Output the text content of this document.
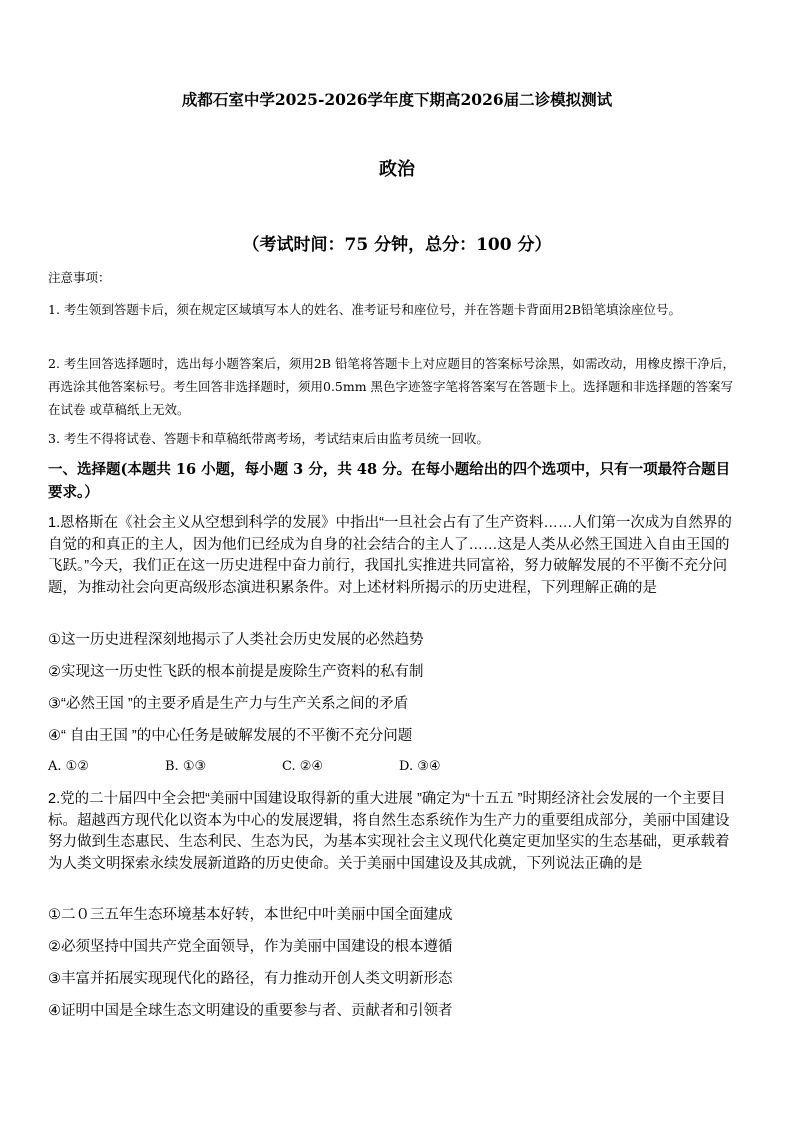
成都石室中学2025-2026学年度下期高2026届二诊模拟测试
政治
（考试时间：75 分钟，总分：100 分）
注意事项：
1. 考生领到答题卡后，须在规定区域填写本人的姓名、准考证号和座位号，并在答题卡背面用2B铅笔填涂座位号。
2. 考生回答选择题时，选出每小题答案后，须用2B 铅笔将答题卡上对应题目的答案标号涂黑，如需改动，用橡皮擦干净后，再选涂其他答案标号。考生回答非选择题时，须用0.5mm 黑色字迹签字笔将答案写在答题卡上。选择题和非选择题的答案写在试卷 或草稿纸上无效。
3. 考生不得将试卷、答题卡和草稿纸带离考场，考试结束后由监考员统一回收。
一、选择题(本题共 16 小题，每小题 3 分，共 48 分。在每小题给出的四个选项中，只有一项最符合题目要求。）
1.恩格斯在《社会主义从空想到科学的发展》中指出“一旦社会占有了生产资料……人们第一次成为自然界的自觉的和真正的主人，因为他们已经成为自身的社会结合的主人了……这是人类从必然王国进入自由王国的飞跃。”今天，我们正在这一历史进程中奋力前行，我国扎实推进共同富裕，努力破解发展的不平衡不充分问题，为推动社会向更高级形态演进积累条件。对上述材料所揭示的历史进程，下列理解正确的是
①这一历史进程深刻地揭示了人类社会历史发展的必然趋势
②实现这一历史性飞跃的根本前提是废除生产资料的私有制
③“必然王国 ”的主要矛盾是生产力与生产关系之间的矛盾
④“ 自由王国 ”的中心任务是破解发展的不平衡不充分问题
A. ①②	B. ①③	C. ②④	D. ③④
2.党的二十届四中全会把“美丽中国建设取得新的重大进展 ”确定为“十五五 ”时期经济社会发展的一个主要目标。超越西方现代化以资本为中心的发展逻辑，将自然生态系统作为生产力的重要组成部分，美丽中国建设努力做到生态惠民、生态利民、生态为民，为基本实现社会主义现代化奠定更加坚实的生态基础，更承载着为人类文明探索永续发展新道路的历史使命。关于美丽中国建设及其成就，下列说法正确的是
①二０三五年生态环境基本好转，本世纪中叶美丽中国全面建成
②必须坚持中国共产党全面领导，作为美丽中国建设的根本遵循
③丰富并拓展实现现代化的路径，有力推动开创人类文明新形态
④证明中国是全球生态文明建设的重要参与者、贡献者和引领者
